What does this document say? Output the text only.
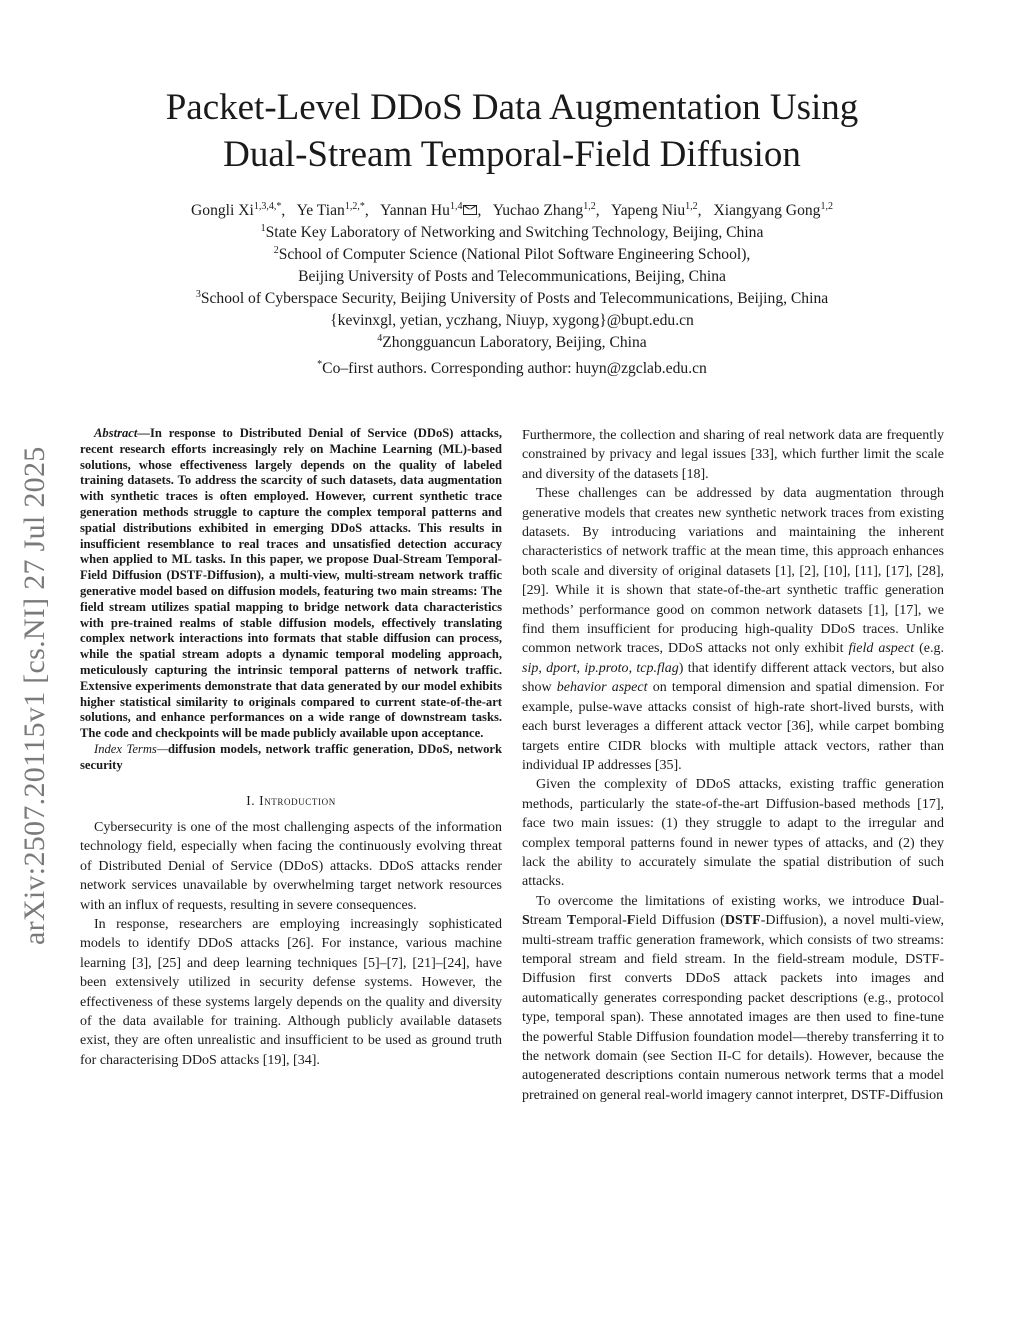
arXiv:2507.20115v1 [cs.NI] 27 Jul 2025
Packet-Level DDoS Data Augmentation Using
Dual-Stream Temporal-Field Diffusion
Gongli $Xi^{1,3,4,*}$, Ye Tian$^{1,2,*}$, Yannan Hu$^{1,4}$ , Yuchao Zhang$^{1,2}$, Yapeng Niu$^{1,2}$, Xiangyang Gong$^{1,2}$
$^1$State Key Laboratory of Networking and Switching Technology, Beijing, China
$^2$School of Computer Science (National Pilot Software Engineering School),
Beijing University of Posts and Telecommunications, Beijing, China
$^3$School of Cyberspace Security, Beijing University of Posts and Telecommunications, Beijing, China
{kevinxgl, yetian, yczhang, Niuyp, xygong}@bupt.edu.cn
$^4$Zhongguancun Laboratory, Beijing, China
*Co–first authors. Corresponding author: huyn@zgclab.edu.cn

Abstract—In response to Distributed Denial of Service (DDoS) attacks, recent research efforts increasingly rely on Machine Learning (ML)-based solutions, whose effectiveness largely depends on the quality of labeled training datasets. To address the scarcity of such datasets, data augmentation with synthetic traces is often employed. However, current synthetic trace generation methods struggle to capture the complex temporal patterns and spatial distributions exhibited in emerging DDoS attacks. This results in insufficient resemblance to real traces and unsatisfied detection accuracy when applied to ML tasks. In this paper, we propose Dual-Stream Temporal-Field Diffusion (DSTF-Diffusion), a multi-view, multi-stream network traffic generative model based on diffusion models, featuring two main streams: The field stream utilizes spatial mapping to bridge network data characteristics with pre-trained realms of stable diffusion models, effectively translating complex network interactions into formats that stable diffusion can process, while the spatial stream adopts a dynamic temporal modeling approach, meticulously capturing the intrinsic temporal patterns of network traffic. Extensive experiments demonstrate that data generated by our model exhibits higher statistical similarity to originals compared to current state-of-the-art solutions, and enhance performances on a wide range of downstream tasks. The code and checkpoints will be made publicly available upon acceptance.

Index Terms—diffusion models, network traffic generation, DDoS, network security

I. Introduction

Cybersecurity is one of the most challenging aspects of the information technology field, especially when facing the continuously evolving threat of Distributed Denial of Service (DDoS) attacks. DDoS attacks render network services unavailable by overwhelming target network resources with an influx of requests, resulting in severe consequences.

In response, researchers are employing increasingly sophisticated models to identify DDoS attacks [26]. For instance, various machine learning [3], [25] and deep learning techniques [5]–[7], [21]–[24], have been extensively utilized in security defense systems. However, the effectiveness of these systems largely depends on the quality and diversity of the data available for training. Although publicly available datasets exist, they are often unrealistic and insufficient to be used as ground truth for characterising DDoS attacks [19], [34].

Furthermore, the collection and sharing of real network data are frequently constrained by privacy and legal issues [33], which further limit the scale and diversity of the datasets [18].

These challenges can be addressed by data augmentation through generative models that creates new synthetic network traces from existing datasets. By introducing variations and maintaining the inherent characteristics of network traffic at the mean time, this approach enhances both scale and diversity of original datasets [1], [2], [10], [11], [17], [28], [29]. While it is shown that state-of-the-art synthetic traffic generation methods’ performance good on common network datasets [1], [17], we find them insufficient for producing high-quality DDoS traces. Unlike common network traces, DDoS attacks not only exhibit field aspect (e.g. sip, dport, ip.proto, tcp.flag) that identify different attack vectors, but also show behavior aspect on temporal dimension and spatial dimension. For example, pulse-wave attacks consist of high-rate short-lived bursts, with each burst leverages a different attack vector [36], while carpet bombing targets entire CIDR blocks with multiple attack vectors, rather than individual IP addresses [35].

Given the complexity of DDoS attacks, existing traffic generation methods, particularly the state-of-the-art Diffusion-based methods [17], face two main issues: (1) they struggle to adapt to the irregular and complex temporal patterns found in newer types of attacks, and (2) they lack the ability to accurately simulate the spatial distribution of such attacks.

To overcome the limitations of existing works, we introduce Dual-Stream Temporal-Field Diffusion (DSTF-Diffusion), a novel multi-view, multi-stream traffic generation framework, which consists of two streams: temporal stream and field stream. In the field-stream module, DSTF-Diffusion first converts DDoS attack packets into images and automatically generates corresponding packet descriptions (e.g., protocol type, temporal span). These annotated images are then used to fine-tune the powerful Stable Diffusion foundation model—thereby transferring it to the network domain (see Section II-C for details). However, because the autogenerated descriptions contain numerous network terms that a model pretrained on general real-world imagery cannot interpret, DSTF-Diffusion
